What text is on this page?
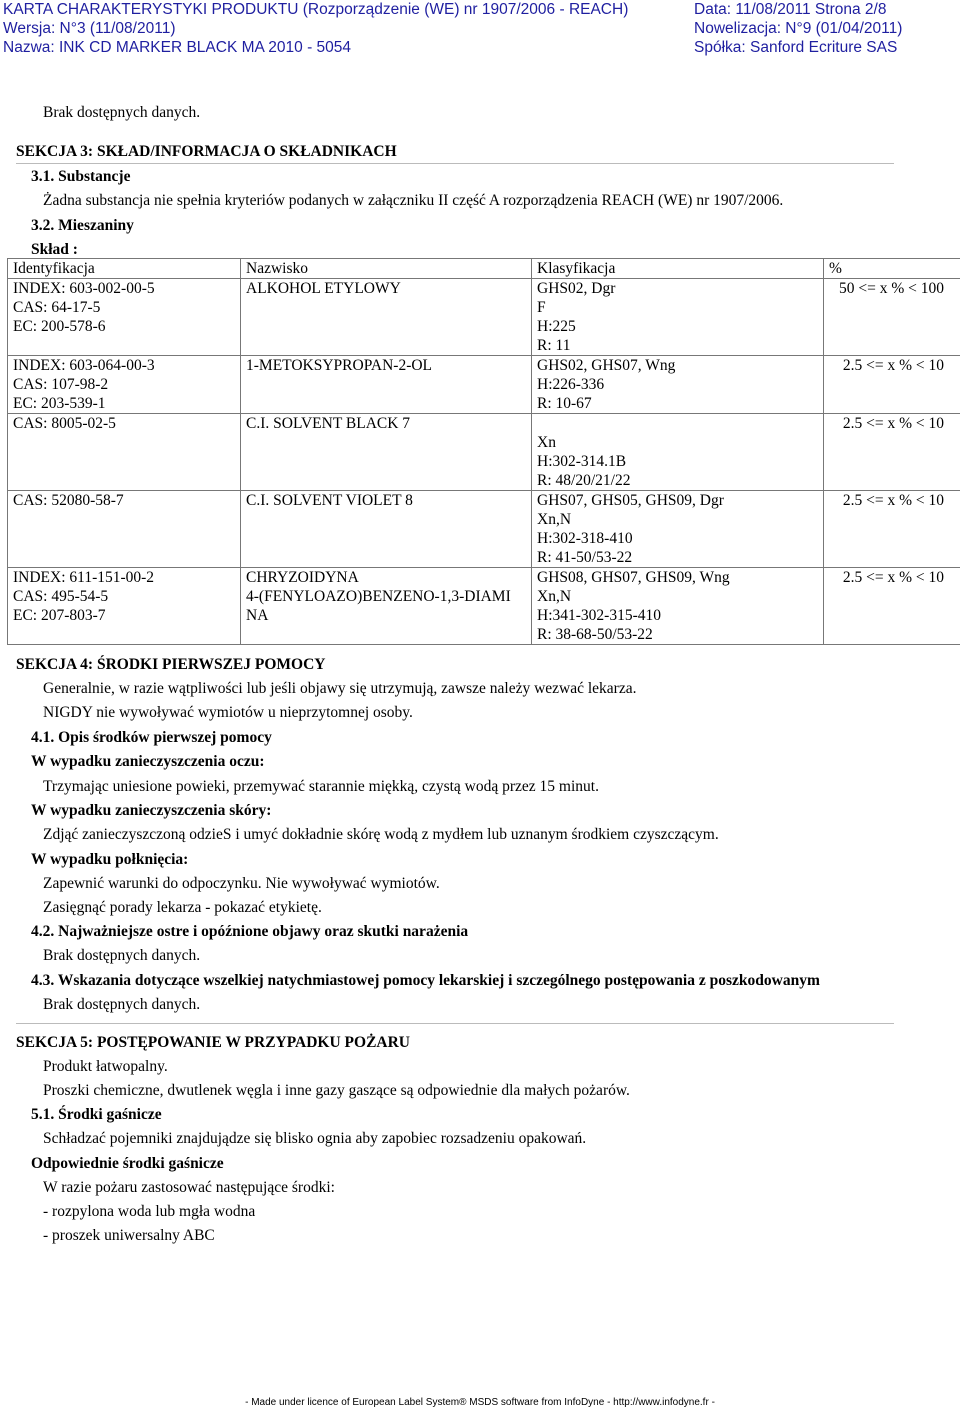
KARTA CHARAKTERYSTYKI PRODUKTU (Rozporządzenie (WE) nr 1907/2006 - REACH)	Data: 11/08/2011 Strona 2/8
Wersja: N°3 (11/08/2011)	Nowelizacja: N°9 (01/04/2011)
Nazwa: INK CD MARKER BLACK MA 2010 - 5054	Spółka: Sanford Ecriture SAS
Brak dostępnych danych.
SEKCJA 3: SKŁAD/INFORMACJA O SKŁADNIKACH
3.1. Substancje
Żadna substancja nie spełnia kryteriów podanych w załączniku II część A rozporządzenia REACH (WE) nr 1907/2006.
3.2. Mieszaniny
Skład :
Identyfikacja	Nazwisko	Klasyfikacja	%

INDEX: 603-002-00-5
CAS: 64-17-5
EC: 200-578-6	ALKOHOL ETYLOWY	GHS02, Dgr
F
H:225
R: 11	50 <= x % < 100

INDEX: 603-064-00-3
CAS: 107-98-2
EC: 203-539-1	1-METOKSYPROPAN-2-OL	GHS02, GHS07, Wng
H:226-336
R: 10-67	2.5 <= x % < 10

CAS: 8005-02-5	C.I. SOLVENT BLACK 7	Xn
H:302-314.1B
R: 48/20/21/22	2.5 <= x % < 10

CAS: 52080-58-7	C.I. SOLVENT VIOLET 8	GHS07, GHS05, GHS09, Dgr
Xn,N
H:302-318-410
R: 41-50/53-22	2.5 <= x % < 10

INDEX: 611-151-00-2
CAS: 495-54-5
EC: 207-803-7	CHRYZOIDYNA
4-(FENYLOAZO)BENZENO-1,3-DIAMI
NA	GHS08, GHS07, GHS09, Wng
Xn,N
H:341-302-315-410
R: 38-68-50/53-22	2.5 <= x % < 10
SEKCJA 4: ŚRODKI PIERWSZEJ POMOCY
Generalnie, w razie wątpliwości lub jeśli objawy się utrzymują, zawsze należy wezwać lekarza.
NIGDY nie wywoływać wymiotów u nieprzytomnej osoby.
4.1. Opis środków pierwszej pomocy
W wypadku zanieczyszczenia oczu:
Trzymając uniesione powieki, przemywać starannie miękką, czystą wodą przez 15 minut.
W wypadku zanieczyszczenia skóry:
Zdjąć zanieczyszczoną odzieS i umyć dokładnie skórę wodą z mydłem lub uznanym środkiem czyszczącym.
W wypadku połknięcia:
Zapewnić warunki do odpoczynku. Nie wywoływać wymiotów.
Zasięgnąć porady lekarza - pokazać etykietę.
4.2. Najważniejsze ostre i opóźnione objawy oraz skutki narażenia
Brak dostępnych danych.
4.3. Wskazania dotyczące wszelkiej natychmiastowej pomocy lekarskiej i szczególnego postępowania z poszkodowanym
Brak dostępnych danych.
SEKCJA 5: POSTĘPOWANIE W PRZYPADKU POŻARU
Produkt łatwopalny.
Proszki chemiczne, dwutlenek węgla i inne gazy gaszące są odpowiednie dla małych pożarów.
5.1. Środki gaśnicze
Schładzać pojemniki znajdujądze się blisko ognia aby zapobiec rozsadzeniu opakowań.
Odpowiednie środki gaśnicze
W razie pożaru zastosować następujące środki:
- rozpylona woda lub mgła wodna
- proszek uniwersalny ABC
- Made under licence of European Label System® MSDS software from InfoDyne - http://www.infodyne.fr -
